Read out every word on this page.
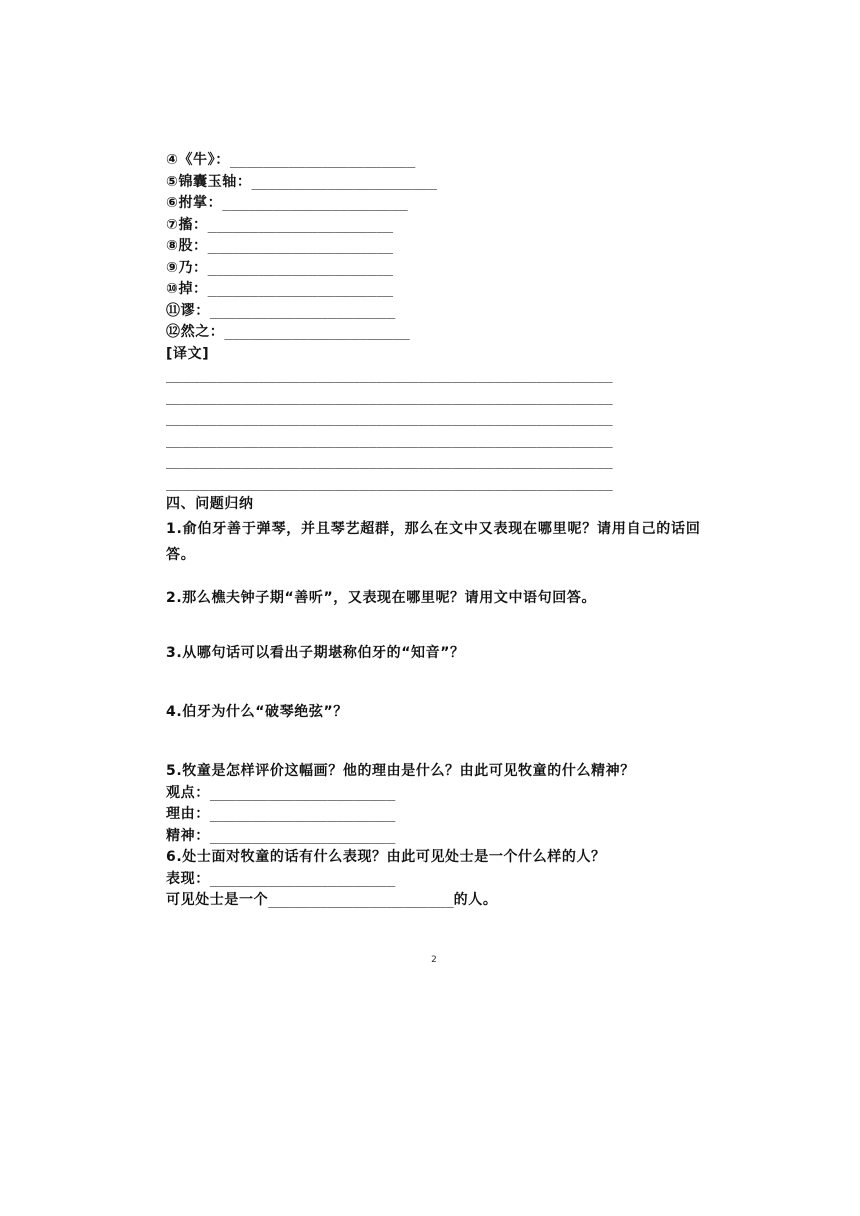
④《牛》： ______________________
⑤锦囊玉轴： ______________________
⑥拊掌： ______________________
⑦搐： ______________________
⑧股： ______________________
⑨乃： ______________________
⑩掉： ______________________
⑪谬： ______________________
⑫然之： ______________________
[译文]
_____________________________________________________
_____________________________________________________
_____________________________________________________
_____________________________________________________
_____________________________________________________
_____________________________________________________
四、问题归纳
1.俞伯牙善于弹琴，并且琴艺超群，那么在文中又表现在哪里呢？请用自己的话回答。
2.那么樵夫钟子期“善听”，又表现在哪里呢？请用文中语句回答。
3.从哪句话可以看出子期堪称伯牙的“知音”？
4.伯牙为什么“破琴绝弦”？
5.牧童是怎样评价这幅画？他的理由是什么？由此可见牧童的什么精神？
观点： ______________________
理由： ______________________
精神： ______________________
6.处士面对牧童的话有什么表现？由此可见处士是一个什么样的人？
表现： ______________________
可见处士是一个 ______________________ 的人。
2
